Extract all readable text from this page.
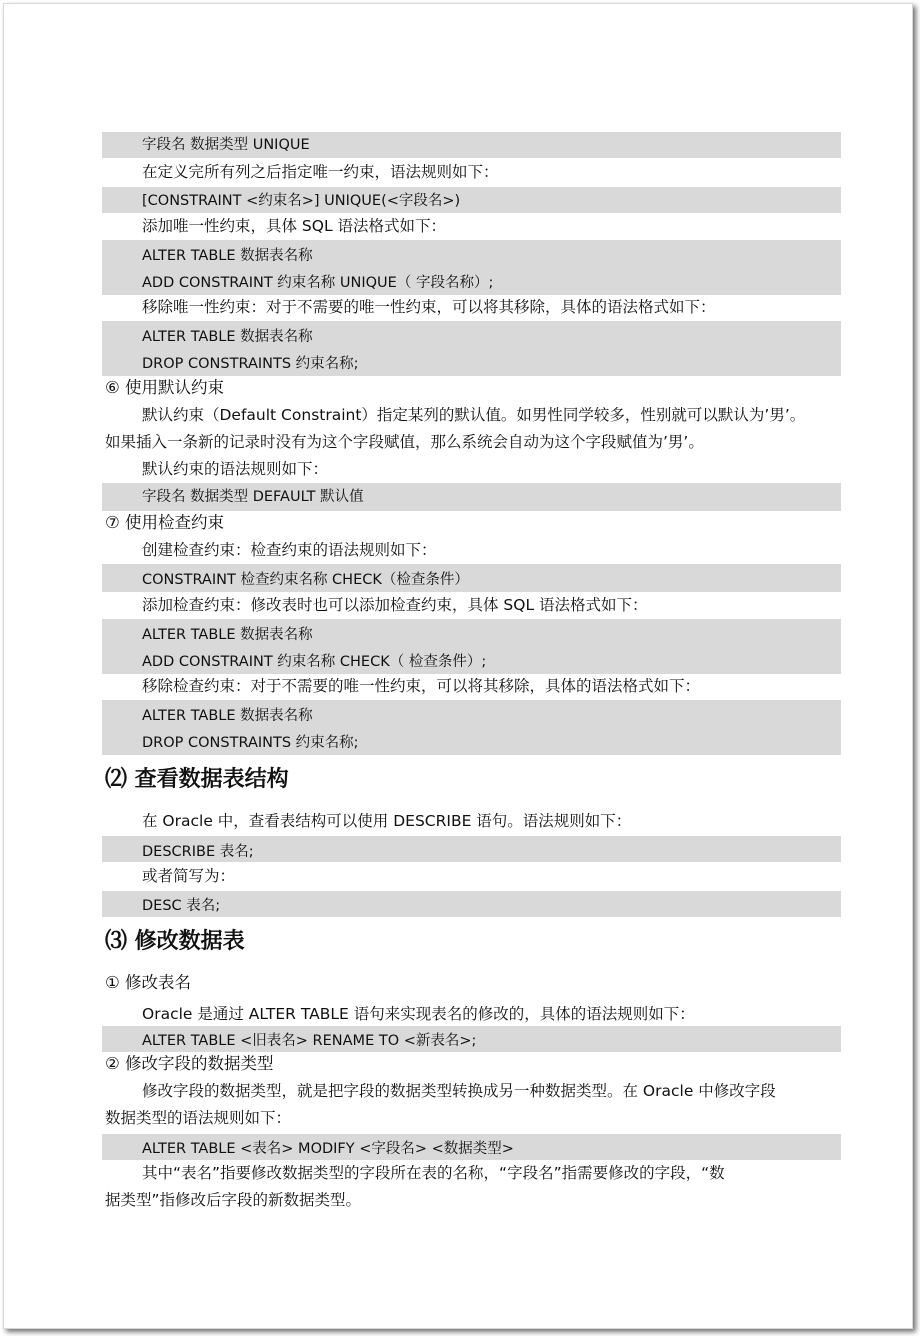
字段名 数据类型 UNIQUE
在定义完所有列之后指定唯一约束，语法规则如下：
[CONSTRAINT <约束名>] UNIQUE(<字段名>)
添加唯一性约束，具体 SQL 语法格式如下：
ALTER TABLE 数据表名称
ADD CONSTRAINT 约束名称 UNIQUE（ 字段名称）;
移除唯一性约束：对于不需要的唯一性约束，可以将其移除，具体的语法格式如下：
ALTER TABLE 数据表名称
DROP CONSTRAINTS 约束名称;
⑥ 使用默认约束
默认约束（Default Constraint）指定某列的默认值。如男性同学较多，性别就可以默认为’男’。
如果插入一条新的记录时没有为这个字段赋值，那么系统会自动为这个字段赋值为’男’。
默认约束的语法规则如下：
字段名 数据类型 DEFAULT 默认值
⑦ 使用检查约束
创建检查约束：检查约束的语法规则如下：
CONSTRAINT 检查约束名称 CHECK（检查条件）
添加检查约束：修改表时也可以添加检查约束，具体 SQL 语法格式如下：
ALTER TABLE 数据表名称
ADD CONSTRAINT 约束名称 CHECK（ 检查条件）;
移除检查约束：对于不需要的唯一性约束，可以将其移除，具体的语法格式如下：
ALTER TABLE 数据表名称
DROP CONSTRAINTS 约束名称;
⑵ 查看数据表结构
在 Oracle 中，查看表结构可以使用 DESCRIBE 语句。语法规则如下：
DESCRIBE 表名;
或者简写为：
DESC 表名;
⑶ 修改数据表
① 修改表名
Oracle 是通过 ALTER TABLE 语句来实现表名的修改的，具体的语法规则如下：
ALTER TABLE <旧表名> RENAME TO <新表名>;
② 修改字段的数据类型
修改字段的数据类型，就是把字段的数据类型转换成另一种数据类型。在 Oracle 中修改字段
数据类型的语法规则如下：
ALTER TABLE <表名> MODIFY <字段名> <数据类型>
其中“表名”指要修改数据类型的字段所在表的名称，“字段名”指需要修改的字段，“数
据类型”指修改后字段的新数据类型。
